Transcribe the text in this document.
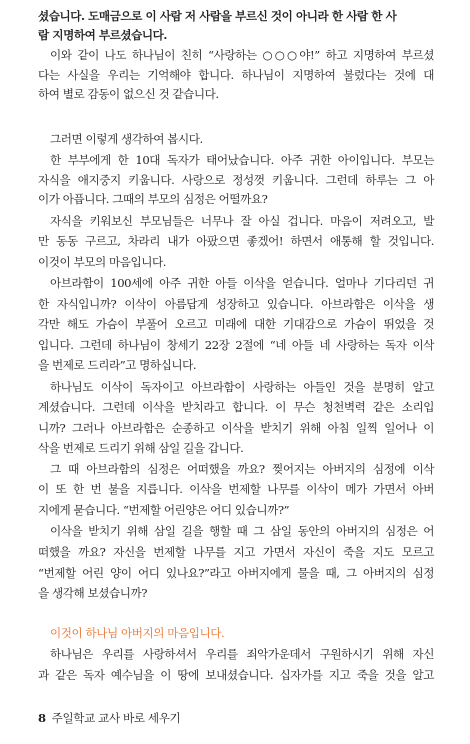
셨습니다. 도매금으로 이 사람 저 사람을 부르신 것이 아니라 한 사람 한 사
람 지명하여 부르셨습니다.
이와 같이 나도 하나님이 친히 “사랑하는 ○○○야!” 하고 지명하여 부르셨
다는 사실을 우리는 기억해야 합니다. 하나님이 지명하여 불렀다는 것에 대
하여 별로 감동이 없으신 것 같습니다.
그러면 이렇게 생각하여 봅시다.
한 부부에게 한 10대 독자가 태어났습니다. 아주 귀한 아이입니다. 부모는
자식을 애지중지 키웁니다. 사랑으로 정성껏 키웁니다. 그런데 하루는 그 아
이가 아픕니다. 그때의 부모의 심정은 어떨까요?
자식을 키워보신 부모님들은 너무나 잘 아실 겁니다. 마음이 저려오고, 발
만 동동 구르고, 차라리 내가 아팠으면 좋겠어! 하면서 애통해 할 것입니다.
이것이 부모의 마음입니다.
아브라함이 100세에 아주 귀한 아들 이삭을 얻습니다. 얼마나 기다리던 귀
한 자식입니까? 이삭이 아름답게 성장하고 있습니다. 아브라함은 이삭을 생
각만 해도 가슴이 부풀어 오르고 미래에 대한 기대감으로 가슴이 뛰었을 것
입니다. 그런데 하나님이 창세기 22장 2절에 “네 아들 네 사랑하는 독자 이삭
을 번제로 드리라”고 명하십니다.
하나님도 이삭이 독자이고 아브라함이 사랑하는 아들인 것을 분명히 알고
계셨습니다. 그런데 이삭을 받치라고 합니다. 이 무슨 청천벽력 같은 소리입
니까? 그러나 아브라함은 순종하고 이삭을 받치기 위해 아침 일찍 일어나 이
삭을 번제로 드리기 위해 삼일 길을 갑니다.
그 때 아브라함의 심정은 어떠했을 까요? 찢어지는 아버지의 심정에 이삭
이 또 한 번 불을 지릅니다. 이삭을 번제할 나무를 이삭이 메가 가면서 아버
지에게 묻습니다. “번제할 어린양은 어디 있습니까?”
이삭을 받치기 위해 삼일 길을 행할 때 그 삼일 동안의 아버지의 심정은 어
떠했을 까요? 자신을 번제할 나무를 지고 가면서 자신이 죽을 지도 모르고
“번제할 어린 양이 어디 있나요?”라고 아버지에게 물을 때, 그 아버지의 심정
을 생각해 보셨습니까?
이것이 하나님 아버지의 마음입니다.
하나님은 우리를 사랑하셔서 우리를 죄악가운데서 구원하시기 위해 자신
과 같은 독자 예수님을 이 땅에 보내셨습니다. 십자가를 지고 죽을 것을 알고
8 주일학교 교사 바로 세우기
